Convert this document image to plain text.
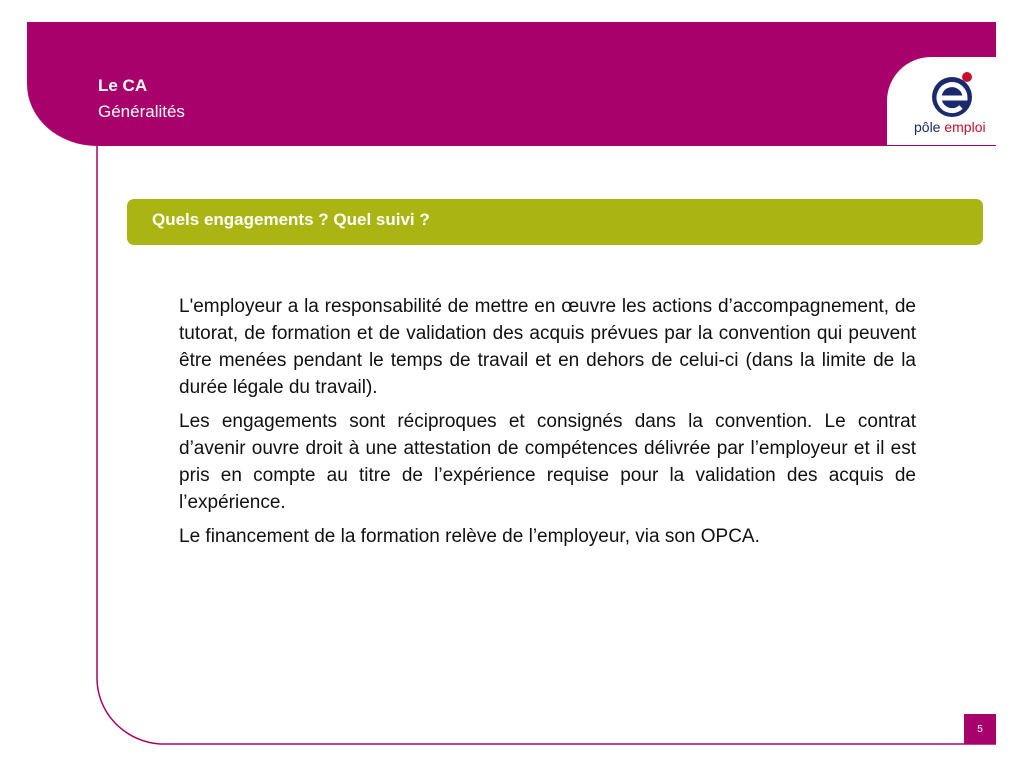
Le CA
Généralités
pôle emploi
Quels engagements ? Quel suivi ?

L'employeur a la responsabilité de mettre en œuvre les actions d’accompagnement, de tutorat, de formation et de validation des acquis prévues par la convention qui peuvent être menées pendant le temps de travail et en dehors de celui-ci (dans la limite de la durée légale du travail).

Les engagements sont réciproques et consignés dans la convention. Le contrat d’avenir ouvre droit à une attestation de compétences délivrée par l’employeur et il est pris en compte au titre de l’expérience requise pour la validation des acquis de l’expérience.

Le financement de la formation relève de l’employeur, via son OPCA.

5
